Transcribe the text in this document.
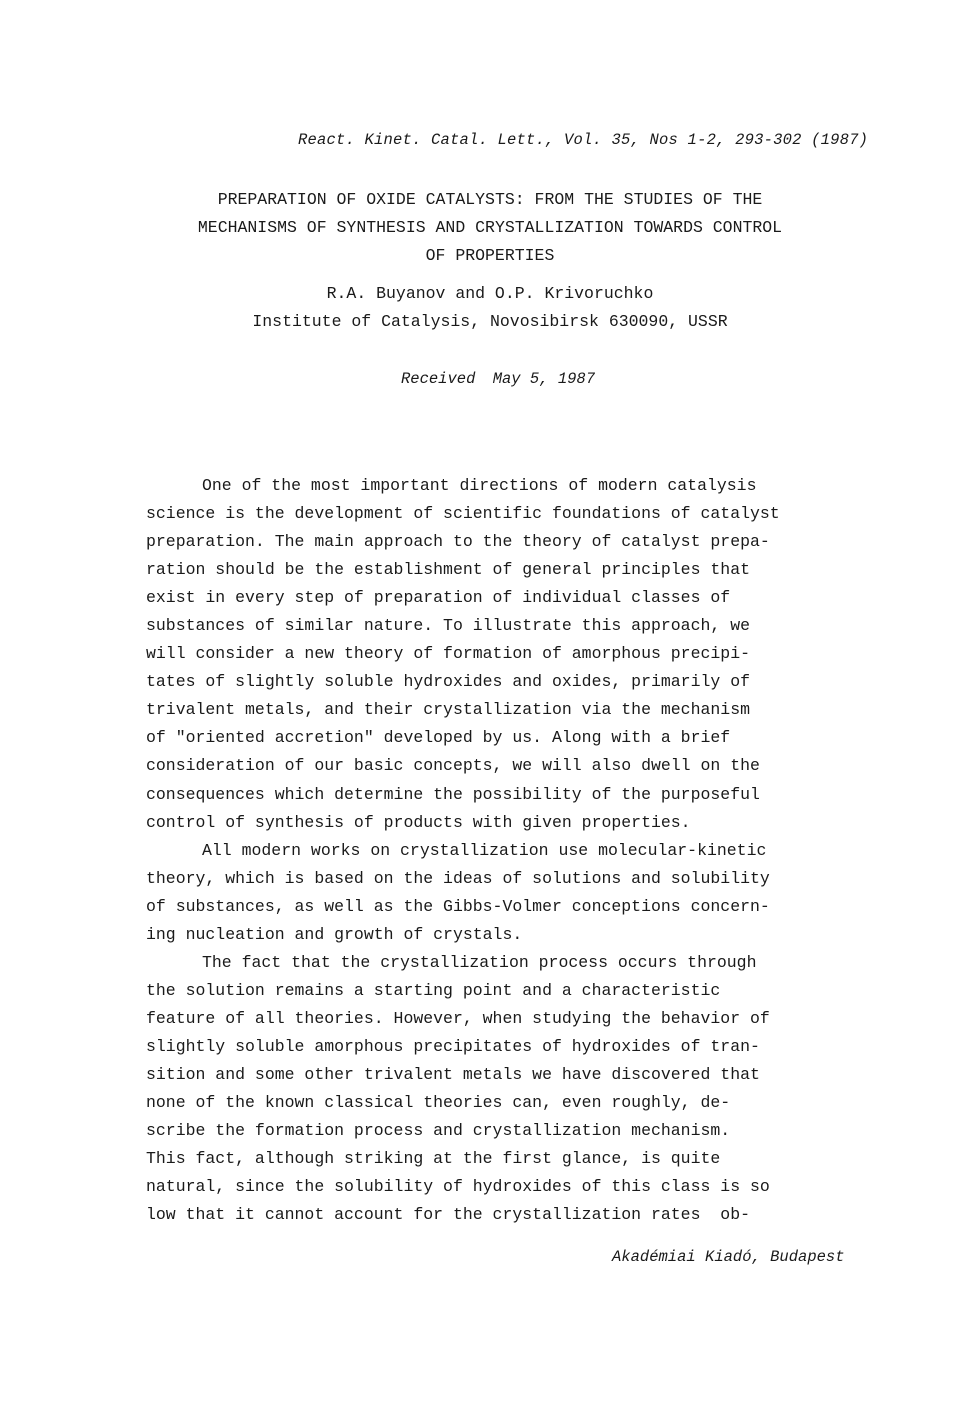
React. Kinet. Catal. Lett., Vol. 35, Nos 1-2, 293-302 (1987)
PREPARATION OF OXIDE CATALYSTS: FROM THE STUDIES OF THE
MECHANISMS OF SYNTHESIS AND CRYSTALLIZATION TOWARDS CONTROL
OF PROPERTIES
R.A. Buyanov and O.P. Krivoruchko
Institute of Catalysis, Novosibirsk 630090, USSR
Received May 5, 1987
One of the most important directions of modern catalysis
science is the development of scientific foundations of catalyst
preparation. The main approach to the theory of catalyst prepa-
ration should be the establishment of general principles that
exist in every step of preparation of individual classes of
substances of similar nature. To illustrate this approach, we
will consider a new theory of formation of amorphous precipi-
tates of slightly soluble hydroxides and oxides, primarily of
trivalent metals, and their crystallization via the mechanism
of "oriented accretion" developed by us. Along with a brief
consideration of our basic concepts, we will also dwell on the
consequences which determine the possibility of the purposeful
control of synthesis of products with given properties.
All modern works on crystallization use molecular-kinetic
theory, which is based on the ideas of solutions and solubility
of substances, as well as the Gibbs-Volmer conceptions concern-
ing nucleation and growth of crystals.
The fact that the crystallization process occurs through
the solution remains a starting point and a characteristic
feature of all theories. However, when studying the behavior of
slightly soluble amorphous precipitates of hydroxides of tran-
sition and some other trivalent metals we have discovered that
none of the known classical theories can, even roughly, de-
scribe the formation process and crystallization mechanism.
This fact, although striking at the first glance, is quite
natural, since the solubility of hydroxides of this class is so
low that it cannot account for the crystallization rates  ob-
Akadémiai Kiadó, Budapest
